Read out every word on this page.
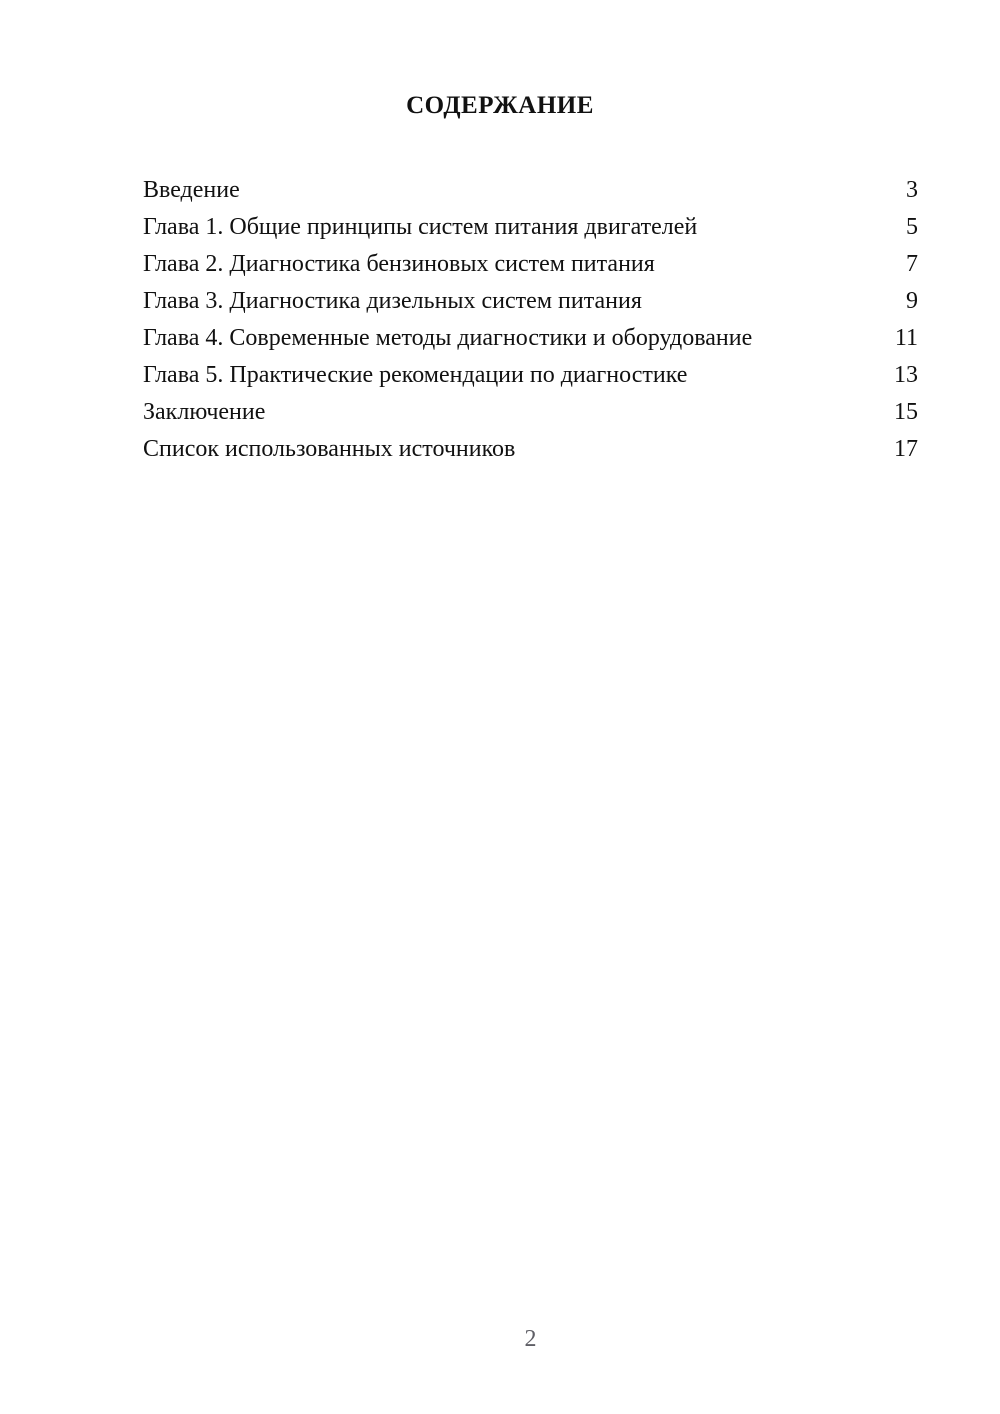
СОДЕРЖАНИЕ
Введение	3
Глава 1. Общие принципы систем питания двигателей	5
Глава 2. Диагностика бензиновых систем питания	7
Глава 3. Диагностика дизельных систем питания	9
Глава 4. Современные методы диагностики и оборудование	11
Глава 5. Практические рекомендации по диагностике	13
Заключение	15
Список использованных источников	17
2
